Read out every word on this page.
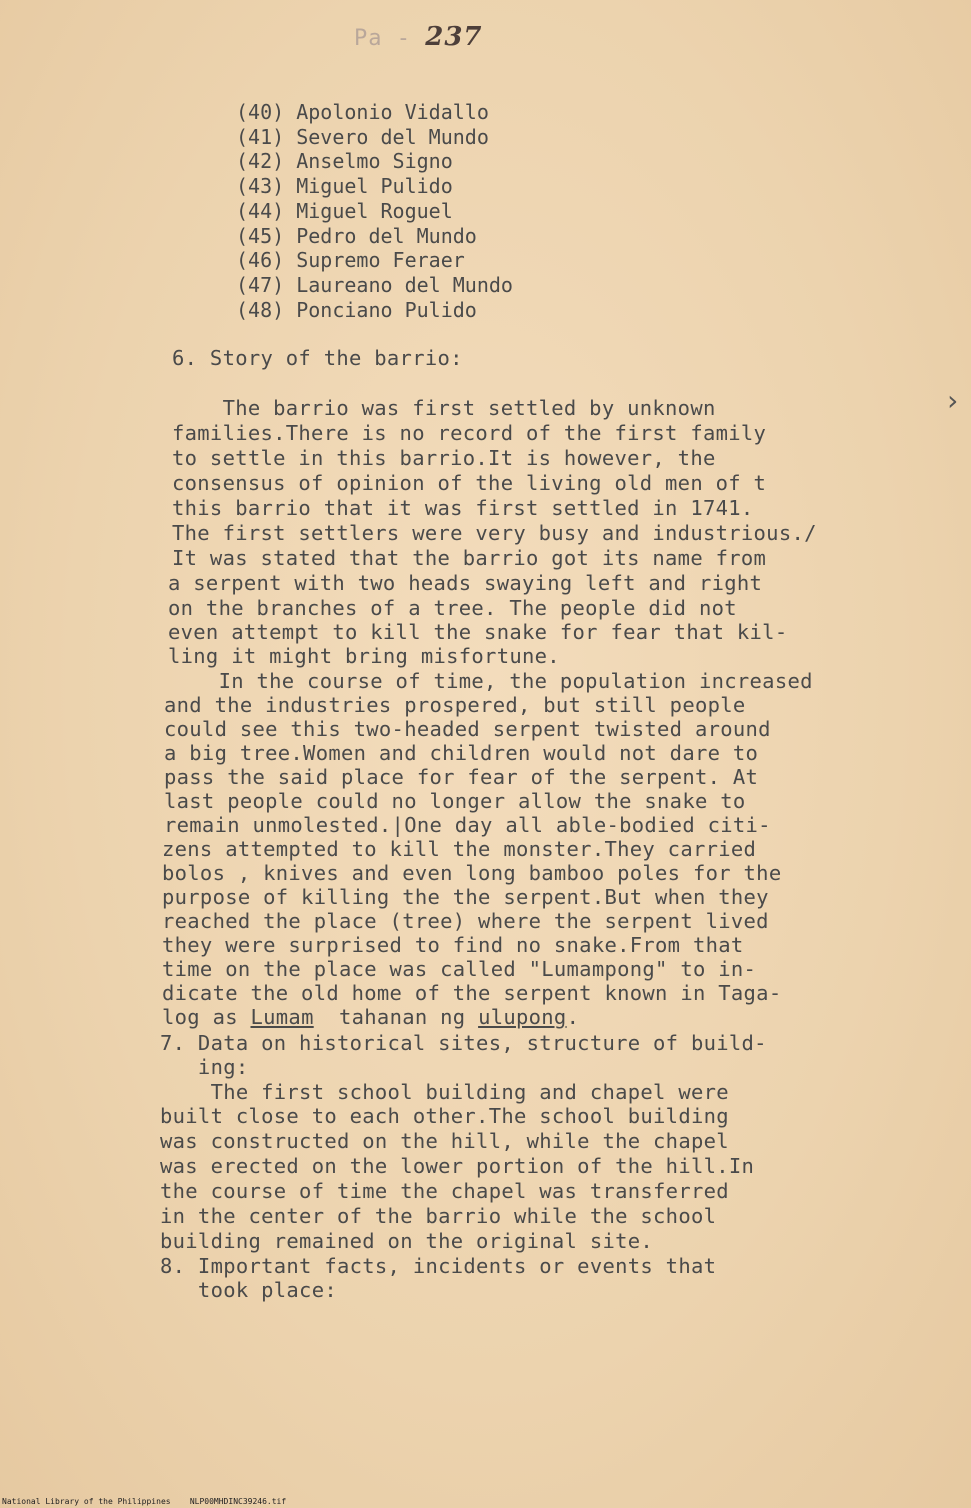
Pa - 237
(40) Apolonio Vidallo
(41) Severo del Mundo
(42) Anselmo Signo
(43) Miguel Pulido
(44) Miguel Roguel
(45) Pedro del Mundo
(46) Supremo Feraer
(47) Laureano del Mundo
(48) Ponciano Pulido
6. Story of the barrio:
The barrio was first settled by unknown
families.There is no record of the first family
to settle in this barrio.It is however, the
consensus of opinion of the living old men of t
this barrio that it was first settled in 1741.
The first settlers were very busy and industrious./
It was stated that the barrio got its name from
a serpent with two heads swaying left and right
on the branches of a tree. The people did not
even attempt to kill the snake for fear that kil-
ling it might bring misfortune.
In the course of time, the population increased
and the industries prospered, but still people
could see this two-headed serpent twisted around
a big tree.Women and children would not dare to
pass the said place for fear of the serpent. At
last people could no longer allow the snake to
remain unmolested.|One day all able-bodied citi-
zens attempted to kill the monster.They carried
bolos , knives and even long bamboo poles for the
purpose of killing the the serpent.But when they
reached the place (tree) where the serpent lived
they were surprised to find no snake.From that
time on the place was called "Lumampong" to in-
dicate the old home of the serpent known in Taga-
log as Lumam  tahanan ng ulupong.
7. Data on historical sites, structure of build-
ing:
The first school building and chapel were
built close to each other.The school building
was constructed on the hill, while the chapel
was erected on the lower portion of the hill.In
the course of time the chapel was transferred
in the center of the barrio while the school
building remained on the original site.
8. Important facts, incidents or events that
took place:
›
National Library of the Philippines    NLP00MHDINC39246.tif
